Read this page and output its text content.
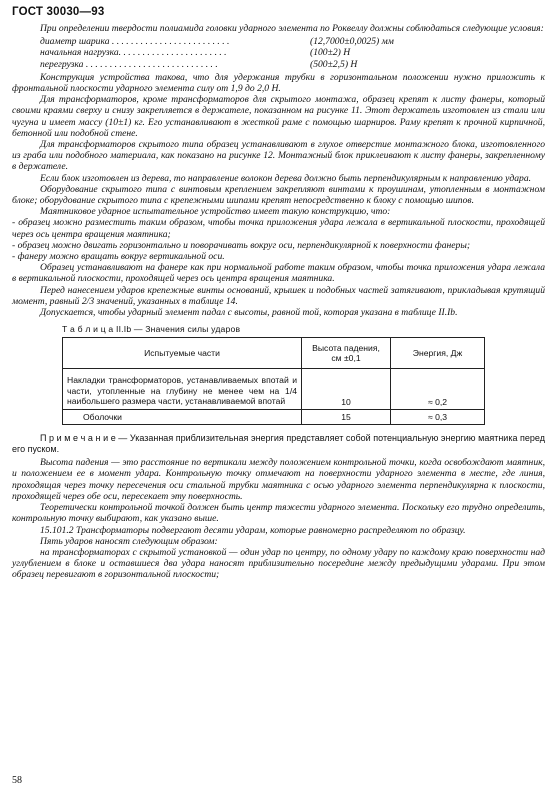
ГОСТ 30030—93

При определении твердости полиамида головки ударного элемента по Роквеллу должны соблюдаться следующие условия:

диаметр шарика . . . . . . . . . . . . . . . . . . . . . . . . .	(12,7000±0,0025) мм
начальная нагрузка. . . . . . . . . . . . . . . . . . . . . . .	(100±2) Н
перегрузка . . . . . . . . . . . . . . . . . . . . . . . . . . . .	(500±2,5) Н

Конструкция устройства такова, что для удержания трубки в горизонтальном положении нужно приложить к фронтальной плоскости ударного элемента силу от 1,9 до 2,0 Н.

Для трансформаторов, кроме трансформаторов для скрытого монтажа, образец крепят к листу фанеры, который своими краями сверху и снизу закрепляется в держателе, показанном на рисунке 11. Этот держатель изготовлен из стали или чугуна и имеет массу (10±1) кг. Его устанавливают в жесткой раме с помощью шарниров. Раму крепят к прочной кирпичной, бетонной или подобной стене.

Для трансформаторов скрытого типа образец устанавливают в глухое отверстие монтажного блока, изготовленного из граба или подобного материала, как показано на рисунке 12. Монтажный блок приклеивают к листу фанеры, закрепленному в держателе.

Если блок изготовлен из дерева, то направление волокон дерева должно быть перпендикулярным к направлению удара.

Оборудование скрытого типа с винтовым креплением закрепляют винтами к проушинам, утопленным в монтажном блоке; оборудование скрытого типа с крепежными шипами крепят непосредственно к блоку с помощью шипов.

Маятниковое ударное испытательное устройство имеет такую конструкцию, что:

- образец можно разместить таким образом, чтобы точка приложения удара лежала в вертикальной плоскости, проходящей через ось центра вращения маятника;

- образец можно двигать горизонтально и поворачивать вокруг оси, перпендикулярной к поверхности фанеры;

- фанеру можно вращать вокруг вертикальной оси.

Образец устанавливают на фанере как при нормальной работе таким образом, чтобы точка приложения удара лежала в вертикальной плоскости, проходящей через ось центра вращения маятника.

Перед нанесением ударов крепежные винты оснований, крышек и подобных частей затягивают, прикладывая крутящий момент, равный 2/3 значений, указанных в таблице 14.

Допускается, чтобы ударный элемент падал с высоты, равной той, которая указана в таблице II.Ib.

Т а б л и ц а II.Ib — Значения силы ударов
Испытуемые части	Высота падения, см ±0,1	Энергия, Дж
Накладки трансформаторов, устанавливаемых впотай и части, утопленные на глубину не менее чем на 1/4 наибольшего размера части, устанавливаемой впотай	10	≈ 0,2
Оболочки	15	≈ 0,3
П р и м е ч а н и е — Указанная приблизительная энергия представляет собой потенциальную энергию маятника перед его пуском.

Высота падения — это расстояние по вертикали между положением контрольной точки, когда освобождают маятник, и положением ее в момент удара. Контрольную точку отмечают на поверхности ударного элемента в месте, где линия, проходящая через точку пересечения оси стальной трубки маятника с осью ударного элемента перпендикулярна к плоскости, проходящей через обе оси, пересекает эту поверхность.

Теоретически контрольной точкой должен быть центр тяжести ударного элемента. Поскольку его трудно определить, контрольную точку выбирают, как указано выше.

15.101.2 Трансформаторы подвергают десяти ударам, которые равномерно распределяют по образцу.

Пять ударов наносят следующим образом:

на трансформаторах с скрытой установкой — один удар по центру, по одному удару по каждому краю поверхности над углублением в блоке и оставшиеся два удара наносят приблизительно посередине между предыдущими ударами. При этом образец перевигают в горизонтальной плоскости;

58
